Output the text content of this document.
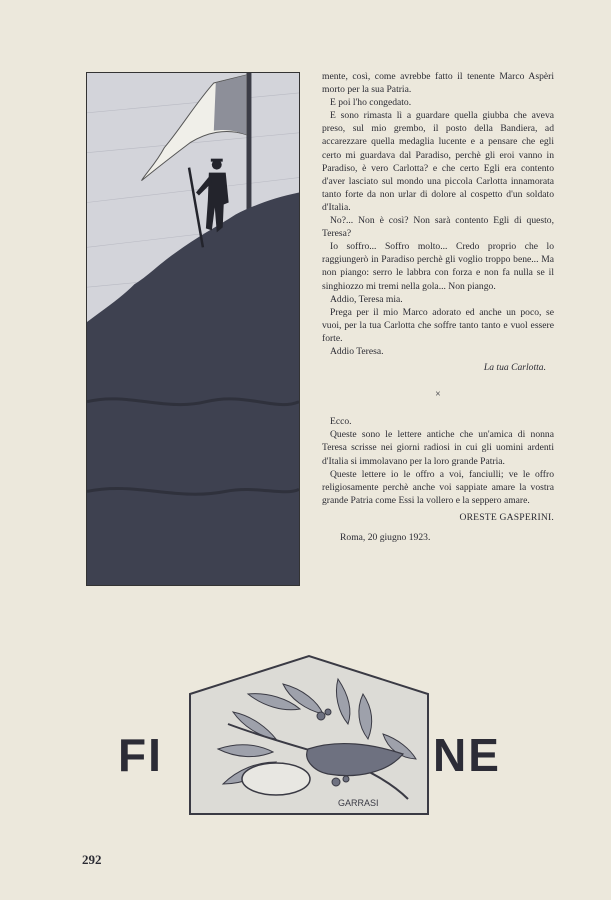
mente, così, come avrebbe fatto il tenente Marco Aspèri morto per la sua Patria.

E poi l'ho congedato.

E sono rimasta lì a guardare quella giubba che aveva preso, sul mio grembo, il posto della Bandiera, ad accarezzare quella medaglia lucente e a pensare che egli certo mi guardava dal Paradiso, perchè gli eroi vanno in Paradiso, è vero Carlotta? e che certo Egli era contento d'aver lasciato sul mondo una piccola Carlotta innamorata tanto forte da non urlar di dolore al cospetto d'un soldato d'Italia.

No?... Non è così? Non sarà contento Egli di questo, Teresa?

Io soffro... Soffro molto... Credo proprio che lo raggiungerò in Paradiso perchè gli voglio troppo bene... Ma non piango: serro le labbra con forza e non fa nulla se il singhiozzo mi tremi nella gola... Non piango.

Addio, Teresa mia.

Prega per il mio Marco adorato ed anche un poco, se vuoi, per la tua Carlotta che soffre tanto tanto e vuol essere forte.

Addio Teresa.

La tua Carlotta.

×

Ecco.

Queste sono le lettere antiche che un'amica di nonna Teresa scrisse nei giorni radiosi in cui gli uomini ardenti d'Italia si immolavano per la loro grande Patria.

Queste lettere io le offro a voi, fanciulli; ve le offro religiosamente perchè anche voi sappiate amare la vostra grande Patria come Essi la vollero e la seppero amare.

ORESTE GASPERINI.

Roma, 20 giugno 1923.

FI
GARRASI
NE
292
